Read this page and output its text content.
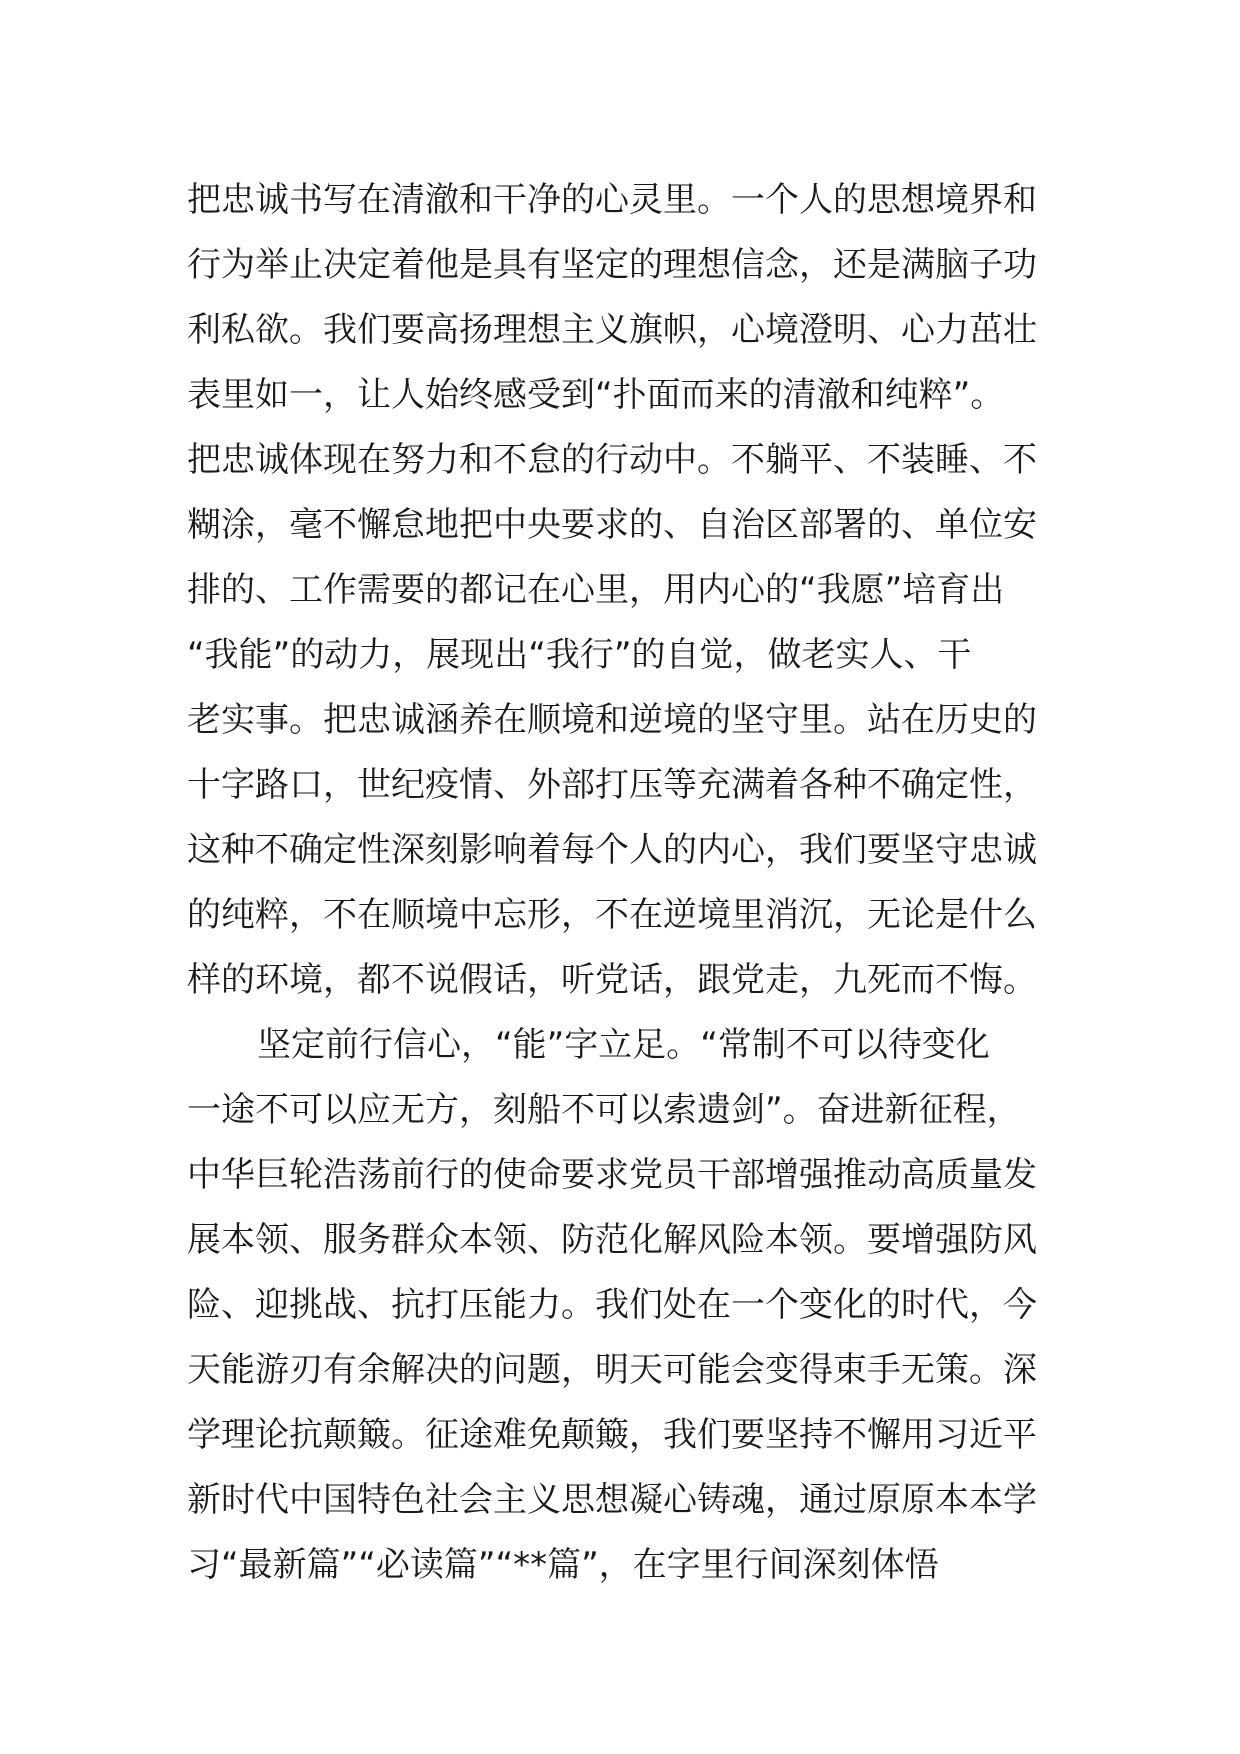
把忠诚书写在清澈和干净的心灵里。一个人的思想境界和
行为举止决定着他是具有坚定的理想信念，还是满脑子功
利私欲。我们要高扬理想主义旗帜，心境澄明、心力茁壮
表里如一，让人始终感受到“扑面而来的清澈和纯粹”。
把忠诚体现在努力和不怠的行动中。不躺平、不装睡、不
糊涂，毫不懈怠地把中央要求的、自治区部署的、单位安
排的、工作需要的都记在心里，用内心的“我愿”培育出
“我能”的动力，展现出“我行”的自觉，做老实人、干
老实事。把忠诚涵养在顺境和逆境的坚守里。站在历史的
十字路口，世纪疫情、外部打压等充满着各种不确定性，
这种不确定性深刻影响着每个人的内心，我们要坚守忠诚
的纯粹，不在顺境中忘形，不在逆境里消沉，无论是什么
样的环境，都不说假话，听党话，跟党走，九死而不悔。
坚定前行信心，“能”字立足。“常制不可以待变化
一途不可以应无方，刻船不可以索遗剑”。奋进新征程，
中华巨轮浩荡前行的使命要求党员干部增强推动高质量发
展本领、服务群众本领、防范化解风险本领。要增强防风
险、迎挑战、抗打压能力。我们处在一个变化的时代，今
天能游刃有余解决的问题，明天可能会变得束手无策。深
学理论抗颠簸。征途难免颠簸，我们要坚持不懈用习近平
新时代中国特色社会主义思想凝心铸魂，通过原原本本学
习“最新篇”“必读篇”“**篇”，在字里行间深刻体悟
